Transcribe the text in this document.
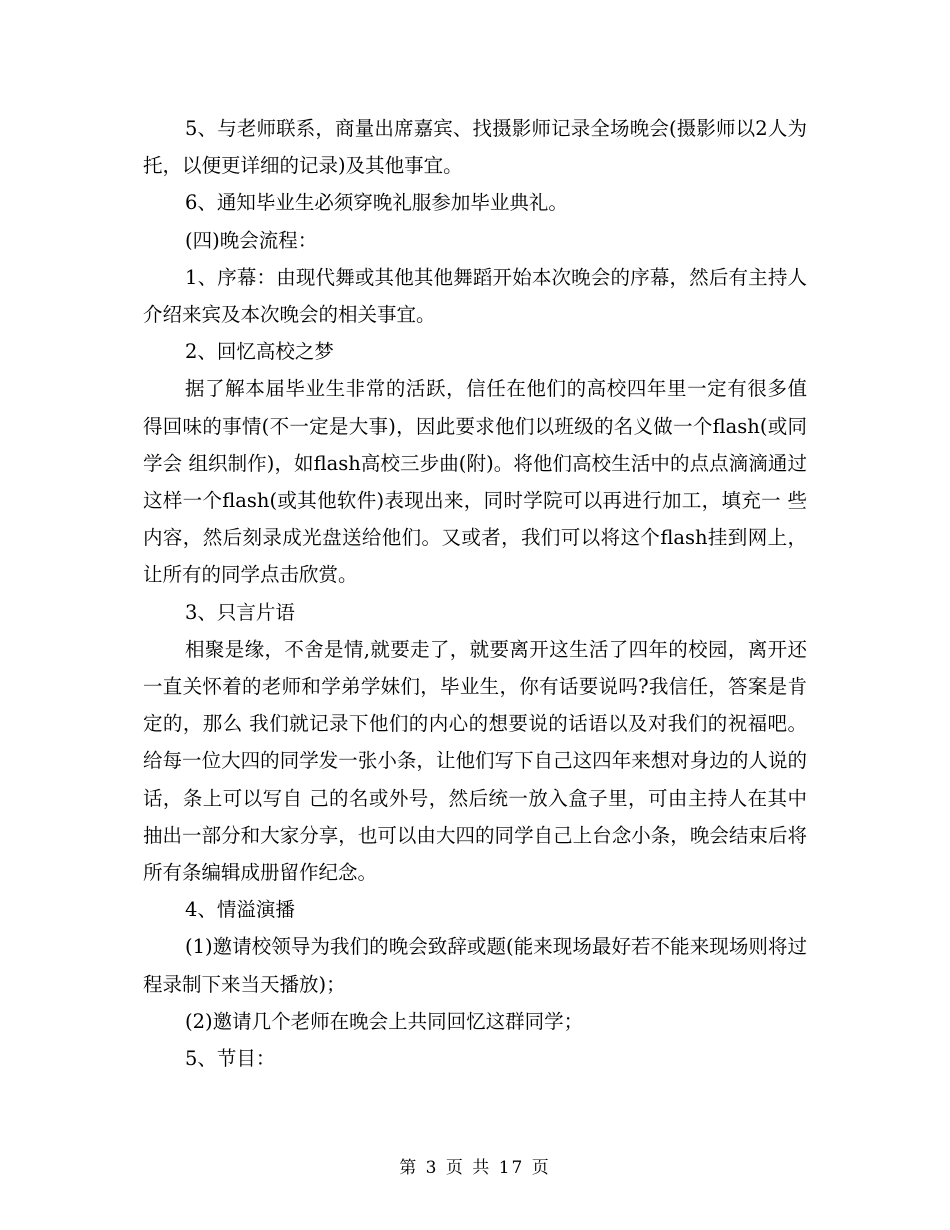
5、与老师联系，商量出席嘉宾、找摄影师记录全场晚会(摄影师以2人为托，以便更详细的记录)及其他事宜。

6、通知毕业生必须穿晚礼服参加毕业典礼。

(四)晚会流程：

1、序幕：由现代舞或其他其他舞蹈开始本次晚会的序幕，然后有主持人介绍来宾及本次晚会的相关事宜。

2、回忆高校之梦

据了解本届毕业生非常的活跃，信任在他们的高校四年里一定有很多值得回味的事情(不一定是大事)，因此要求他们以班级的名义做一个flash(或同学会 组织制作)，如flash高校三步曲(附)。将他们高校生活中的点点滴滴通过这样一个flash(或其他软件)表现出来，同时学院可以再进行加工，填充一 些内容，然后刻录成光盘送给他们。又或者，我们可以将这个flash挂到网上，让所有的同学点击欣赏。

3、只言片语

相聚是缘，不舍是情,就要走了，就要离开这生活了四年的校园，离开还一直关怀着的老师和学弟学妹们，毕业生，你有话要说吗?我信任，答案是肯定的，那么 我们就记录下他们的内心的想要说的话语以及对我们的祝福吧。给每一位大四的同学发一张小条，让他们写下自己这四年来想对身边的人说的话，条上可以写自 己的名或外号，然后统一放入盒子里，可由主持人在其中抽出一部分和大家分享，也可以由大四的同学自己上台念小条，晚会结束后将所有条编辑成册留作纪念。

4、情溢演播

(1)邀请校领导为我们的晚会致辞或题(能来现场最好若不能来现场则将过程录制下来当天播放)；

(2)邀请几个老师在晚会上共同回忆这群同学；

5、节目：

第 3 页 共 17 页
